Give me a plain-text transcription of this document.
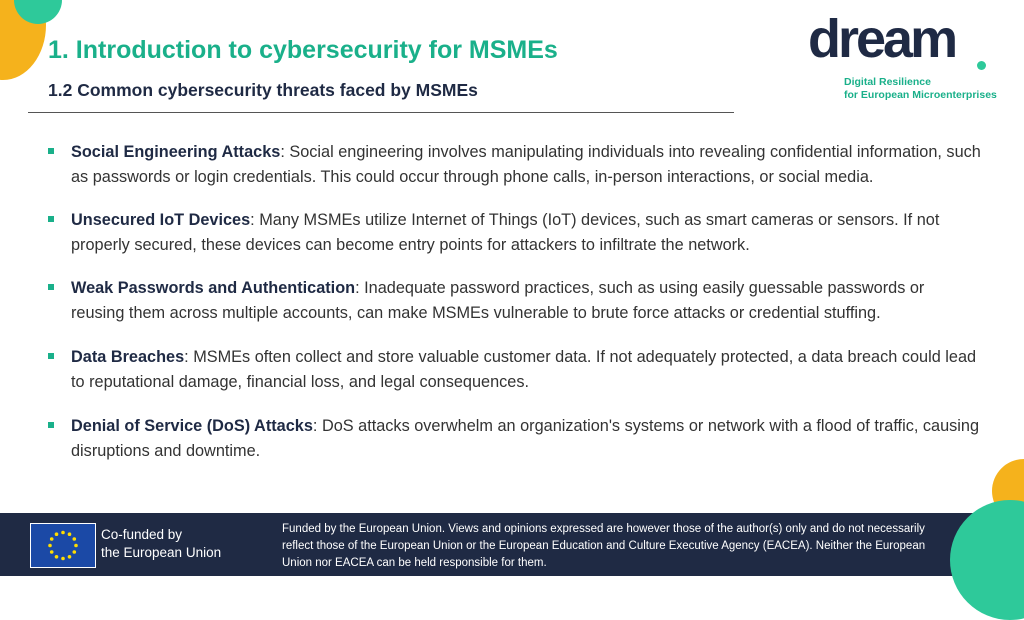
1. Introduction to cybersecurity for MSMEs
1.2 Common cybersecurity threats faced by MSMEs
dream
Digital Resilience
for European Microenterprises
Social Engineering Attacks: Social engineering involves manipulating individuals into revealing confidential information, such as passwords or login credentials. This could occur through phone calls, in-person interactions, or social media.
Unsecured IoT Devices: Many MSMEs utilize Internet of Things (IoT) devices, such as smart cameras or sensors. If not properly secured, these devices can become entry points for attackers to infiltrate the network.
Weak Passwords and Authentication: Inadequate password practices, such as using easily guessable passwords or reusing them across multiple accounts, can make MSMEs vulnerable to brute force attacks or credential stuffing.
Data Breaches: MSMEs often collect and store valuable customer data. If not adequately protected, a data breach could lead to reputational damage, financial loss, and legal consequences.
Denial of Service (DoS) Attacks: DoS attacks overwhelm an organization's systems or network with a flood of traffic, causing disruptions and downtime.
Co-funded by
the European Union
Funded by the European Union. Views and opinions expressed are however those of the author(s) only and do not necessarily reflect those of the European Union or the European Education and Culture Executive Agency (EACEA). Neither the European Union nor EACEA can be held responsible for them.
